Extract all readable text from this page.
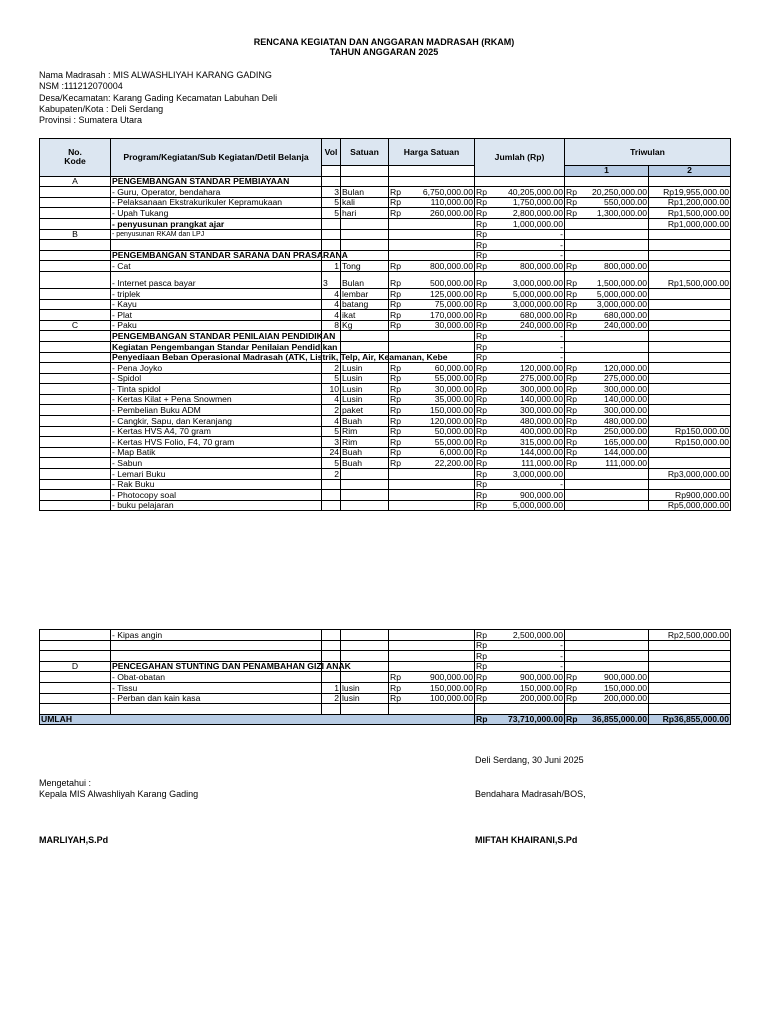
RENCANA KEGIATAN DAN ANGGARAN MADRASAH (RKAM)
TAHUN ANGGARAN 2025
Nama Madrasah : MIS ALWASHLIYAH KARANG GADING
NSM :111212070004
Desa/Kecamatan: Karang Gading Kecamatan Labuhan Deli
Kabupaten/Kota : Deli Serdang
Provinsi : Sumatera Utara
No.
Kode	Program/Kegiatan/Sub Kegiatan/Detil Belanja	Vol	Satuan	Harga Satuan	Jumlah (Rp)	Triwulan	
						1	2
A	PENGEMBANGAN STANDAR PEMBIAYAAN			

	- Guru, Operator, bendahara	3	Bulan	Rp 6,750,000.00	Rp 40,205,000.00	Rp 20,250,000.00	Rp19,955,000.00
	- Pelaksanaan Ekstrakurikuler Kepramukaan	5	kali	Rp 110,000.00	Rp 1,750,000.00	Rp 550,000.00	Rp1,200,000.00
	- Upah Tukang	5	hari	Rp 260,000.00	Rp 2,800,000.00	Rp 1,300,000.00	Rp1,500,000.00
	- penyusunan prangkat ajar				Rp 1,000,000.00		Rp1,000,000.00
B	- penyusunan RKAM dan LPJ				Rp -		

					Rp -		

	PENGEMBANGAN STANDAR SARANA DAN PRASARANA				Rp -		

	- Cat	1	Tong	Rp 800,000.00	Rp 800,000.00	Rp 800,000.00	

	- Internet pasca bayar	3	Bulan	Rp 500,000.00	Rp 3,000,000.00	Rp 1,500,000.00	Rp1,500,000.00
	- triplek	4	lembar	Rp 125,000.00	Rp 5,000,000.00	Rp 5,000,000.00	

	- Kayu	4	batang	Rp 75,000.00	Rp 3,000,000.00	Rp 3,000,000.00	

	- Plat	4	ikat	Rp 170,000.00	Rp 680,000.00	Rp 680,000.00	

C	- Paku	8	Kg	Rp 30,000.00	Rp 240,000.00	Rp 240,000.00	

	PENGEMBANGAN STANDAR PENILAIAN PENDIDIKAN				Rp -		

	Kegiatan Pengembangan Standar Penilaian Pendidikan				Rp -		

	Penyediaan Beban Operasional Madrasah (ATK, Listrik, Telp, Air, Keamanan, Kebe				Rp -		

	- Pena Joyko	2	Lusin	Rp 60,000.00	Rp 120,000.00	Rp 120,000.00	

	- Spidol	5	Lusin	Rp 55,000.00	Rp 275,000.00	Rp 275,000.00	

	- Tinta spidol	10	Lusin	Rp 30,000.00	Rp 300,000.00	Rp 300,000.00	

	- Kertas Kilat + Pena Snowmen	4	Lusin	Rp 35,000.00	Rp 140,000.00	Rp 140,000.00	

	- Pembelian Buku ADM	2	paket	Rp 150,000.00	Rp 300,000.00	Rp 300,000.00	

	- Cangkir, Sapu, dan Keranjang	4	Buah	Rp 120,000.00	Rp 480,000.00	Rp 480,000.00	

	- Kertas HVS A4, 70 gram	5	Rim	Rp 50,000.00	Rp 400,000.00	Rp 250,000.00	Rp150,000.00
	- Kertas HVS Folio, F4, 70 gram	3	Rim	Rp 55,000.00	Rp 315,000.00	Rp 165,000.00	Rp150,000.00
	- Map Batik	24	Buah	Rp 6,000.00	Rp 144,000.00	Rp 144,000.00	

	- Sabun	5	Buah	Rp 22,200.00	Rp 111,000.00	Rp 111,000.00	

	- Lemari Buku	2			Rp 3,000,000.00		Rp3,000,000.00
	- Rak Buku				Rp -		

	- Photocopy soal				Rp 900,000.00		Rp900,000.00
	- buku pelajaran				Rp 5,000,000.00		Rp5,000,000.00
	- Kipas angin				Rp 2,500,000.00		Rp2,500,000.00

					Rp -		

					Rp -		

D	PENCEGAHAN STUNTING DAN PENAMBAHAN GIZI ANAK				Rp -		

	- Obat-obatan			Rp 900,000.00	Rp 900,000.00	Rp 900,000.00	

	- Tissu	1	lusin	Rp 150,000.00	Rp 150,000.00	Rp 150,000.00	

	- Perban dan kain kasa	2	lusin	Rp 100,000.00	Rp 200,000.00	Rp 200,000.00	

UMLAH					Rp 73,710,000.00	Rp 36,855,000.00	Rp36,855,000.00
Deli Serdang, 30 Juni 2025
Mengetahui :
Kepala MIS Alwashliyah Karang Gading	Bendahara Madrasah/BOS,
MARLIYAH,S.Pd	MIFTAH KHAIRANI,S.Pd
